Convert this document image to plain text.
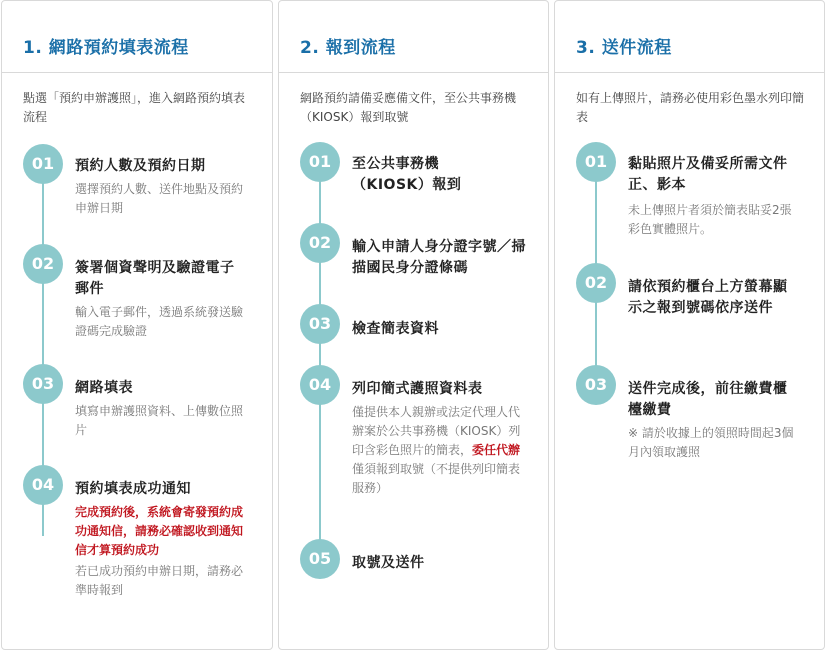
1. 網路預約填表流程
點選「預約申辦護照」，進入網路預約填表流程
01	預約人數及預約日期
選擇預約人數、送件地點及預約申辦日期
02	簽署個資聲明及驗證電子郵件
輸入電子郵件，透過系統發送驗證碼完成驗證
03	網路填表
填寫申辦護照資料、上傳數位照片
04	預約填表成功通知
完成預約後，系統會寄發預約成功通知信，請務必確認收到通知信才算預約成功
若已成功預約申辦日期，請務必準時報到
2. 報到流程
網路預約請備妥應備文件，至公共事務機（KIOSK）報到取號
01	至公共事務機（KIOSK）報到
02	輸入申請人身分證字號／掃描國民身分證條碼
03	檢查簡表資料
04	列印簡式護照資料表
僅提供本人親辦或法定代理人代辦案於公共事務機（KIOSK）列印含彩色照片的簡表，委任代辦僅須報到取號（不提供列印簡表服務）
05	取號及送件
3. 送件流程
如有上傳照片，請務必使用彩色墨水列印簡表
01	黏貼照片及備妥所需文件正、影本
未上傳照片者須於簡表貼妥2張彩色實體照片。
02	請依預約櫃台上方螢幕顯示之報到號碼依序送件
03	送件完成後，前往繳費櫃檯繳費
※ 請於收據上的領照時間起3個月內領取護照
